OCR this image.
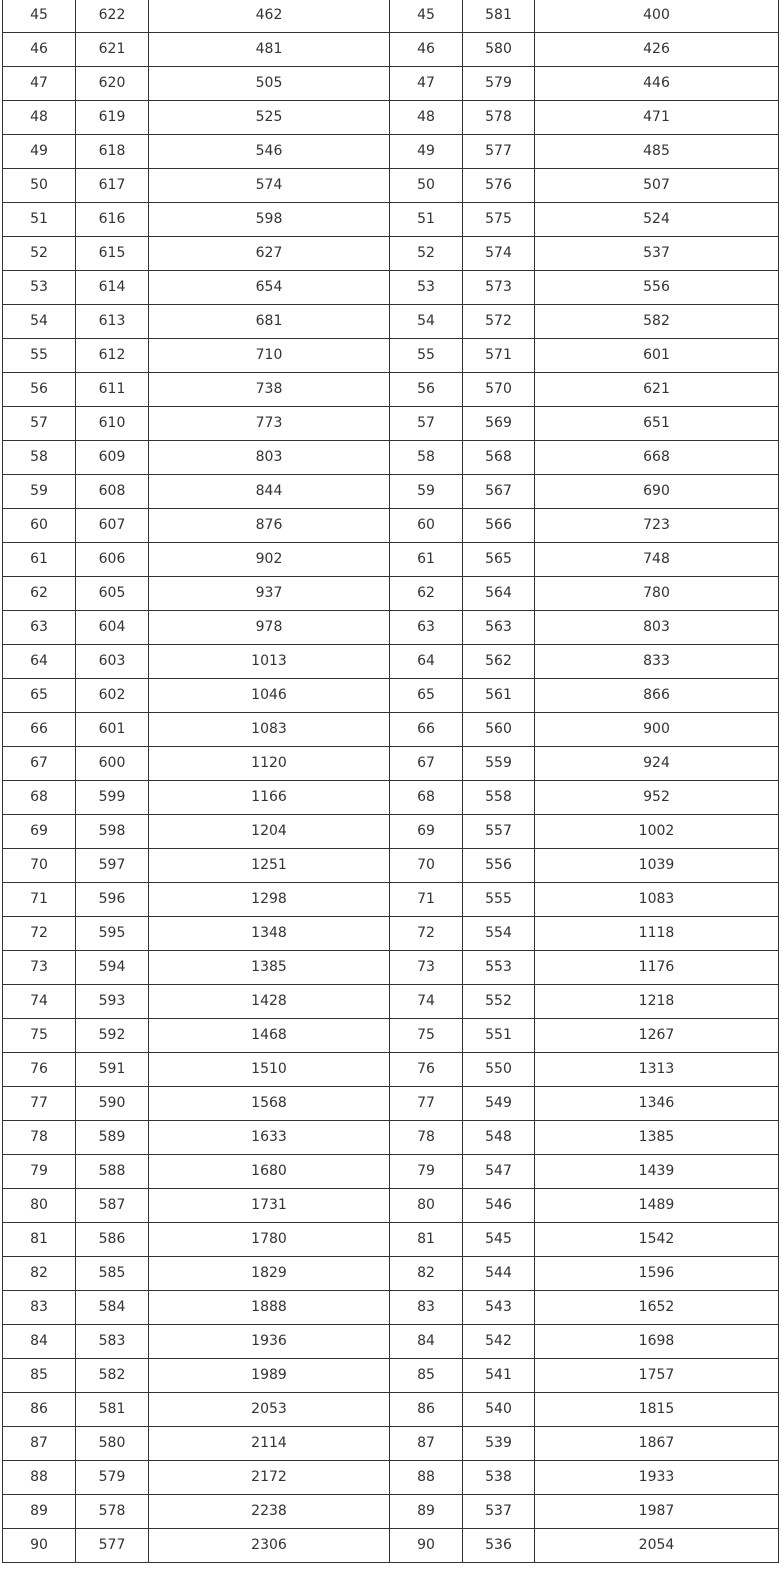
45	622	462	45	581	400
46	621	481	46	580	426
47	620	505	47	579	446
48	619	525	48	578	471
49	618	546	49	577	485
50	617	574	50	576	507
51	616	598	51	575	524
52	615	627	52	574	537
53	614	654	53	573	556
54	613	681	54	572	582
55	612	710	55	571	601
56	611	738	56	570	621
57	610	773	57	569	651
58	609	803	58	568	668
59	608	844	59	567	690
60	607	876	60	566	723
61	606	902	61	565	748
62	605	937	62	564	780
63	604	978	63	563	803
64	603	1013	64	562	833
65	602	1046	65	561	866
66	601	1083	66	560	900
67	600	1120	67	559	924
68	599	1166	68	558	952
69	598	1204	69	557	1002
70	597	1251	70	556	1039
71	596	1298	71	555	1083
72	595	1348	72	554	1118
73	594	1385	73	553	1176
74	593	1428	74	552	1218
75	592	1468	75	551	1267
76	591	1510	76	550	1313
77	590	1568	77	549	1346
78	589	1633	78	548	1385
79	588	1680	79	547	1439
80	587	1731	80	546	1489
81	586	1780	81	545	1542
82	585	1829	82	544	1596
83	584	1888	83	543	1652
84	583	1936	84	542	1698
85	582	1989	85	541	1757
86	581	2053	86	540	1815
87	580	2114	87	539	1867
88	579	2172	88	538	1933
89	578	2238	89	537	1987
90	577	2306	90	536	2054
